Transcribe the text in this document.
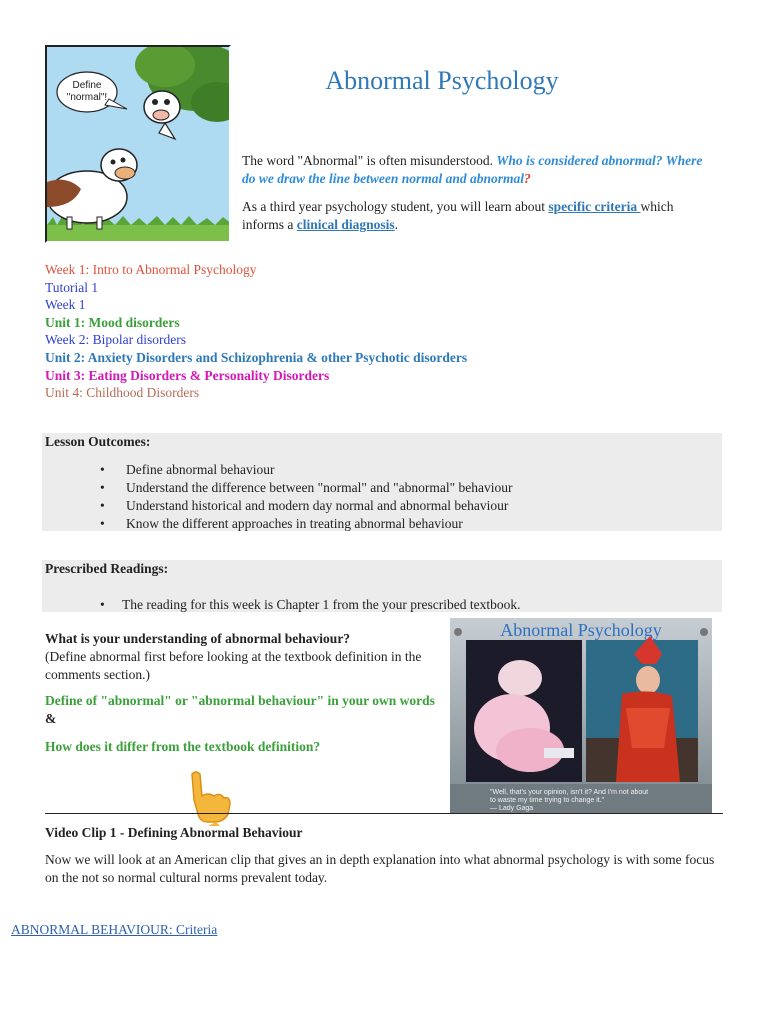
Define
"normal"!
Abnormal Psychology

The word "Abnormal" is often misunderstood. Who is considered abnormal? Where do we draw the line between normal and abnormal?

As a third year psychology student, you will learn about specific criteria which informs a clinical diagnosis.

Week 1: Intro to Abnormal Psychology
Tutorial 1
Week 1
Unit 1: Mood disorders
Week 2: Bipolar disorders
Unit 2: Anxiety Disorders and Schizophrenia & other Psychotic disorders
Unit 3: Eating Disorders & Personality Disorders
Unit 4: Childhood Disorders
Lesson Outcomes:
• Define abnormal behaviour
• Understand the difference between "normal" and "abnormal" behaviour
• Understand historical and modern day normal and abnormal behaviour
• Know the different approaches in treating abnormal behaviour
Prescribed Readings:
• The reading for this week is Chapter 1 from the your prescribed textbook.
What is your understanding of abnormal behaviour?
(Define abnormal first before looking at the textbook definition in the comments section.)
Define of "abnormal" or "abnormal behaviour" in your own words &
How does it differ from the textbook definition?
Abnormal Psychology
"Well, that's your opinion, isn't it? And I'm not about
to waste my time trying to change it."
— Lady Gaga
Video Clip 1 - Defining Abnormal Behaviour
Now we will look at an American clip that gives an in depth explanation into what abnormal psychology is with some focus on the not so normal cultural norms prevalent today.
ABNORMAL BEHAVIOUR: Criteria
